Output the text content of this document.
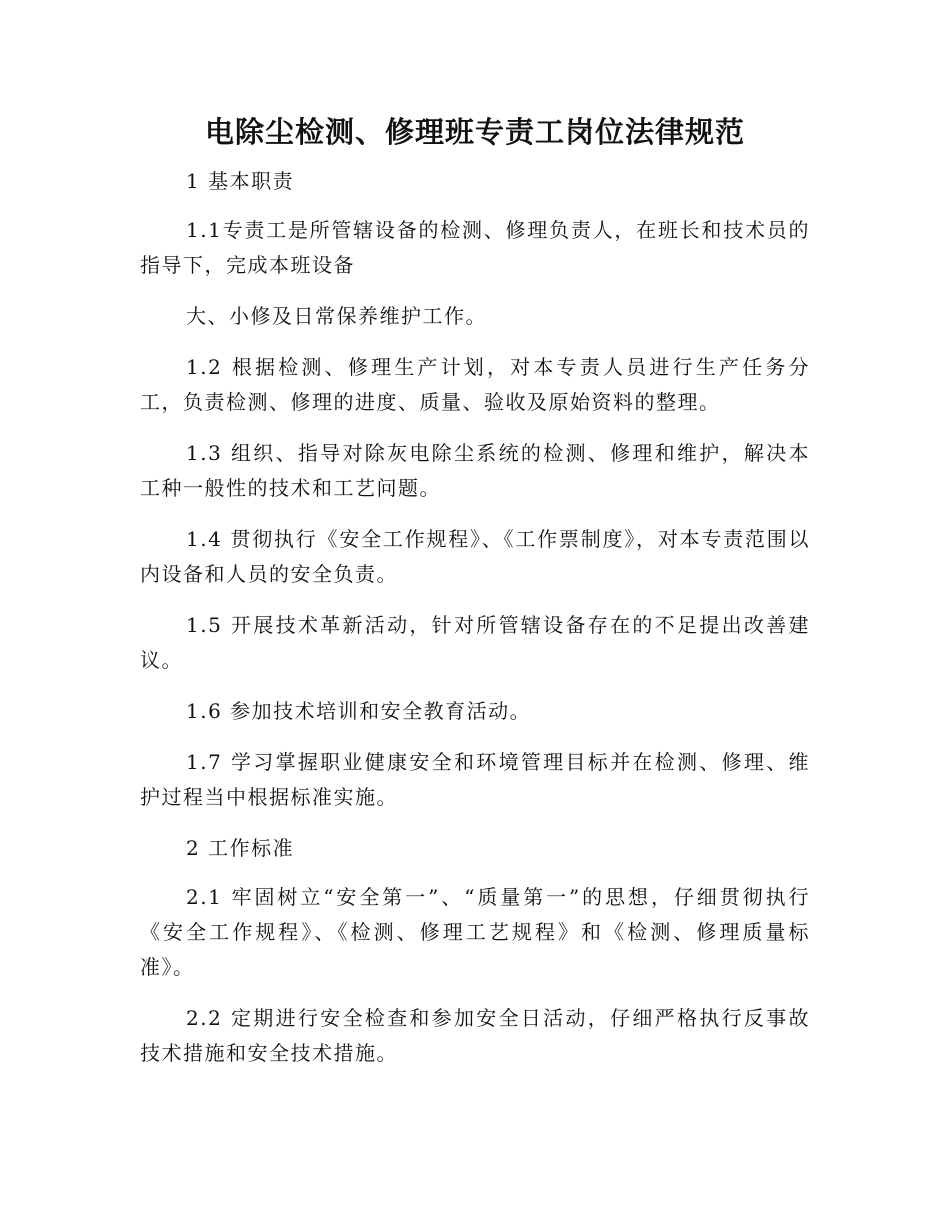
电除尘检测、修理班专责工岗位法律规范

1 基本职责

1.1专责工是所管辖设备的检测、修理负责人，在班长和技术员的指导下，完成本班设备

大、小修及日常保养维护工作。

1.2 根据检测、修理生产计划，对本专责人员进行生产任务分工，负责检测、修理的进度、质量、验收及原始资料的整理。

1.3 组织、指导对除灰电除尘系统的检测、修理和维护，解决本工种一般性的技术和工艺问题。

1.4 贯彻执行《安全工作规程》、《工作票制度》，对本专责范围以内设备和人员的安全负责。

1.5 开展技术革新活动，针对所管辖设备存在的不足提出改善建议。

1.6 参加技术培训和安全教育活动。

1.7 学习掌握职业健康安全和环境管理目标并在检测、修理、维护过程当中根据标准实施。

2 工作标准

2.1 牢固树立“安全第一”、“质量第一”的思想，仔细贯彻执行《安全工作规程》、《检测、修理工艺规程》和《检测、修理质量标准》。

2.2 定期进行安全检查和参加安全日活动，仔细严格执行反事故技术措施和安全技术措施。
